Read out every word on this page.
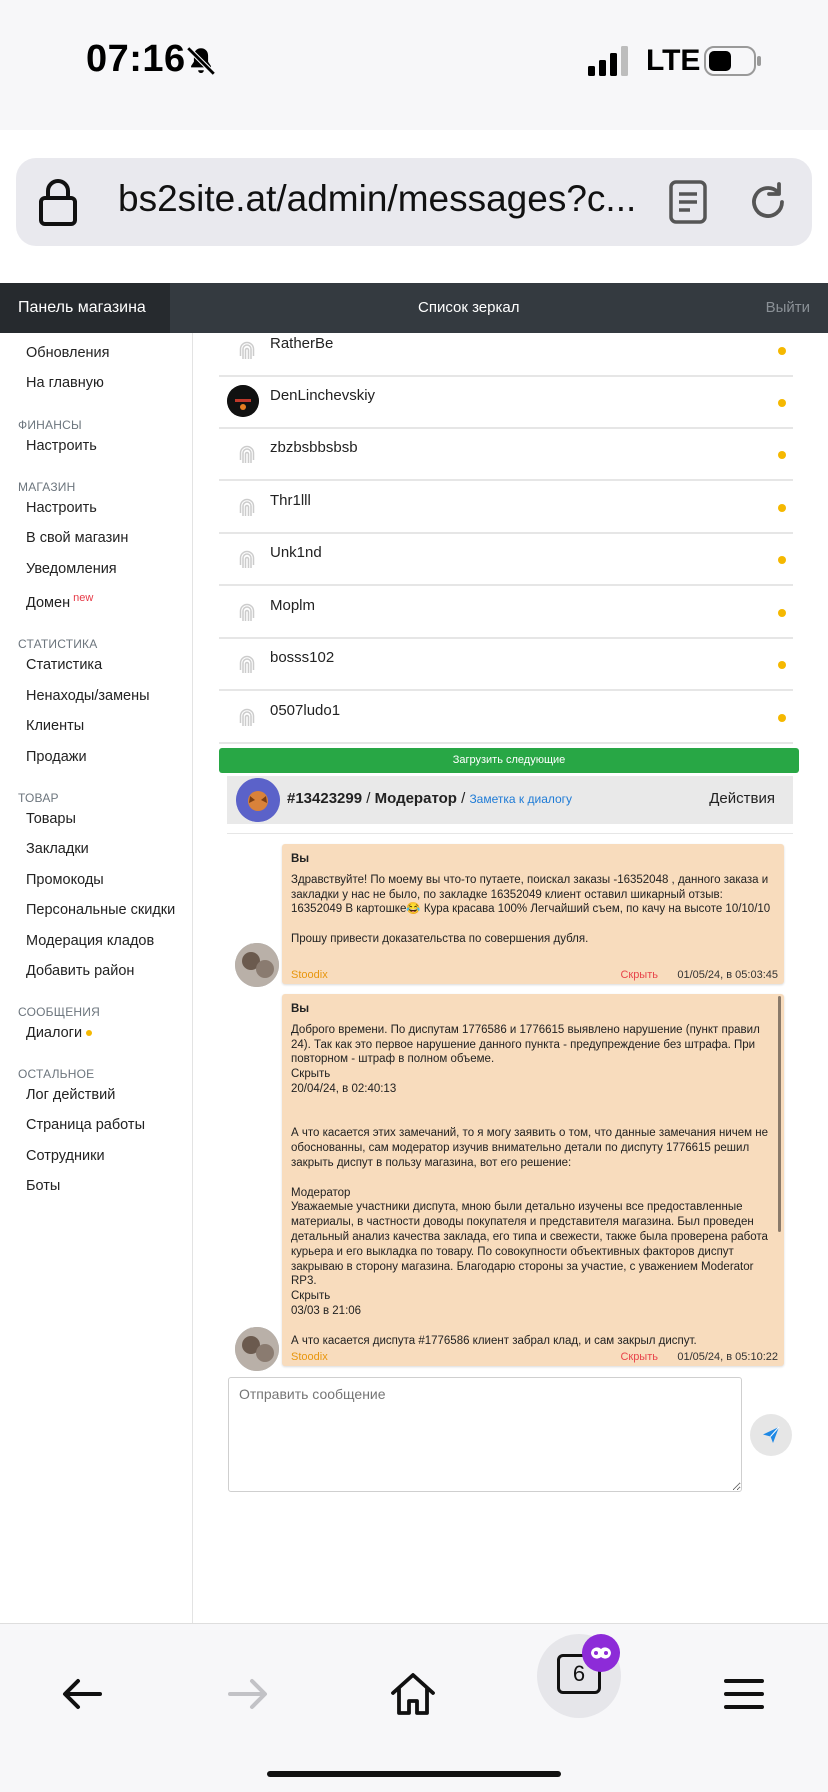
07:16	LTE
bs2site.at/admin/messages?c...
Панель магазина	Список зеркал	Выйти
Обновления
На главную
ФИНАНСЫ
Настроить
МАГАЗИН
Настроить
В свой магазин
Уведомления
Домен $^{new}$
СТАТИСТИКА
Статистика
Ненаходы/замены
Клиенты
Продажи
ТОВАР
Товары
Закладки
Промокоды
Персональные скидки
Модерация кладов
Добавить район
СООБЩЕНИЯ
Диалоги
ОСТАЛЬНОЕ
Лог действий
Страница работы
Сотрудники
Боты
RatherBe
DenLinchevskiy
zbzbsbbsbsb
Thr1lll
Unk1nd
Moplm
bosss102
0507ludo1
Загрузить следующие
#13423299 / Модератор / Заметка к диалогу	Действия
Вы
Здравствуйте! По моему вы что-то путаете, поискал заказы -16352048 , данного заказа и закладки у нас не было, по закладке 16352049 клиент оставил шикарный отзыв: 16352049 В картошке😂 Кура красава 100% Легчайший съем, по качу на высоте 10/10/10

Прошу привести доказательства по совершения дубля.
Stoodix	Скрыть 01/05/24, в 05:03:45
Вы
Доброго времени. По диспутам 1776586 и 1776615 выявлено нарушение (пункт правил 24). Так как это первое нарушение данного пункта - предупреждение без штрафа. При повторном - штраф в полном объеме.
Скрыть
20/04/24, в 02:40:13

А что касается этих замечаний, то я могу заявить о том, что данные замечания ничем не обоснованны, сам модератор изучив внимательно детали по диспуту 1776615 решил закрыть диспут в пользу магазина, вот его решение:

Модератор
Уважаемые участники диспута, мною были детально изучены все предоставленные материалы, в частности доводы покупателя и представителя магазина. Был проведен детальный анализ качества заклада, его типа и свежести, также была проверена работа курьера и его выкладка по товару. По совокупности объективных факторов диспут закрываю в сторону магазина. Благодарю стороны за участие, с уважением Moderator RP3.
Скрыть
03/03 в 21:06

А что касается диспута #1776586 клиент забрал клад, и сам закрыл диспут.
Stoodix	Скрыть 01/05/24, в 05:10:22
Отправить сообщение
6
